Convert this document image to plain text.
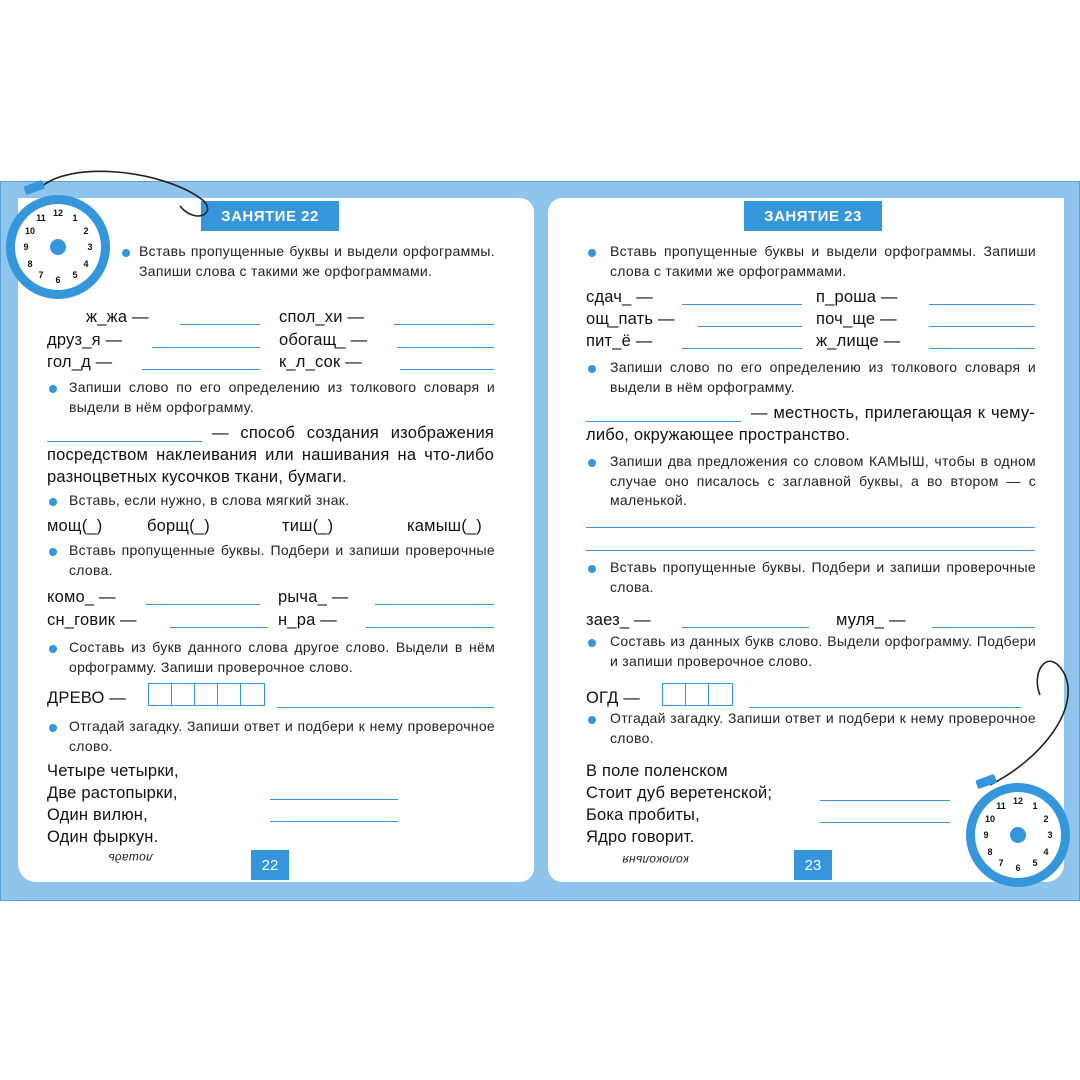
ЗАНЯТИЕ 22
Вставь пропущенные буквы и выдели орфограммы. Запиши слова с такими же орфограммами.
ж_жа —	спол_хи —
друз_я —	обогащ_ —
гол_д —	к_л_сок —
Запиши слово по его определению из толкового словаря и выдели в нём орфограмму.
— способ создания изображения посредством наклеивания или нашивания на что-либо разноцветных кусочков ткани, бумаги.
Вставь, если нужно, в слова мягкий знак.
мощ(_)	борщ(_)	тиш(_)	камыш(_)
Вставь пропущенные буквы. Подбери и запиши проверочные слова.
комо_ —	рыча_ —
сн_говик —	н_ра —
Составь из букв данного слова другое слово. Выдели в нём орфограмму. Запиши проверочное слово.
ДРЕВО —
Отгадай загадку. Запиши ответ и подбери к нему проверочное слово.
Четыре четырки,
Две растопырки,
Один вилюн,
Один фыркун.
лошадь	22
ЗАНЯТИЕ 23
Вставь пропущенные буквы и выдели орфограммы. Запиши слова с такими же орфограммами.
сдач_ —	п_роша —
ощ_пать —	поч_ще —
пит_ё —	ж_лище —
Запиши слово по его определению из толкового словаря и выдели в нём орфограмму.
— местность, прилегающая к чему-либо, окружающее пространство.
Запиши два предложения со словом КАМЫШ, чтобы в одном случае оно писалось с заглавной буквы, а во втором — с маленькой.
Вставь пропущенные буквы. Подбери и запиши проверочные слова.
заез_ —	муля_ —
Составь из данных букв слово. Выдели орфограмму. Подбери и запиши проверочное слово.
ОГД —
Отгадай загадку. Запиши ответ и подбери к нему проверочное слово.
В поле поленском
Стоит дуб веретенской;
Бока пробиты,
Ядро говорит.
колокольня	23
12 1
2
3
4
5
6
7
8
9
10
11
12 1
2
3
4
5
6
7
8
9
10
11
